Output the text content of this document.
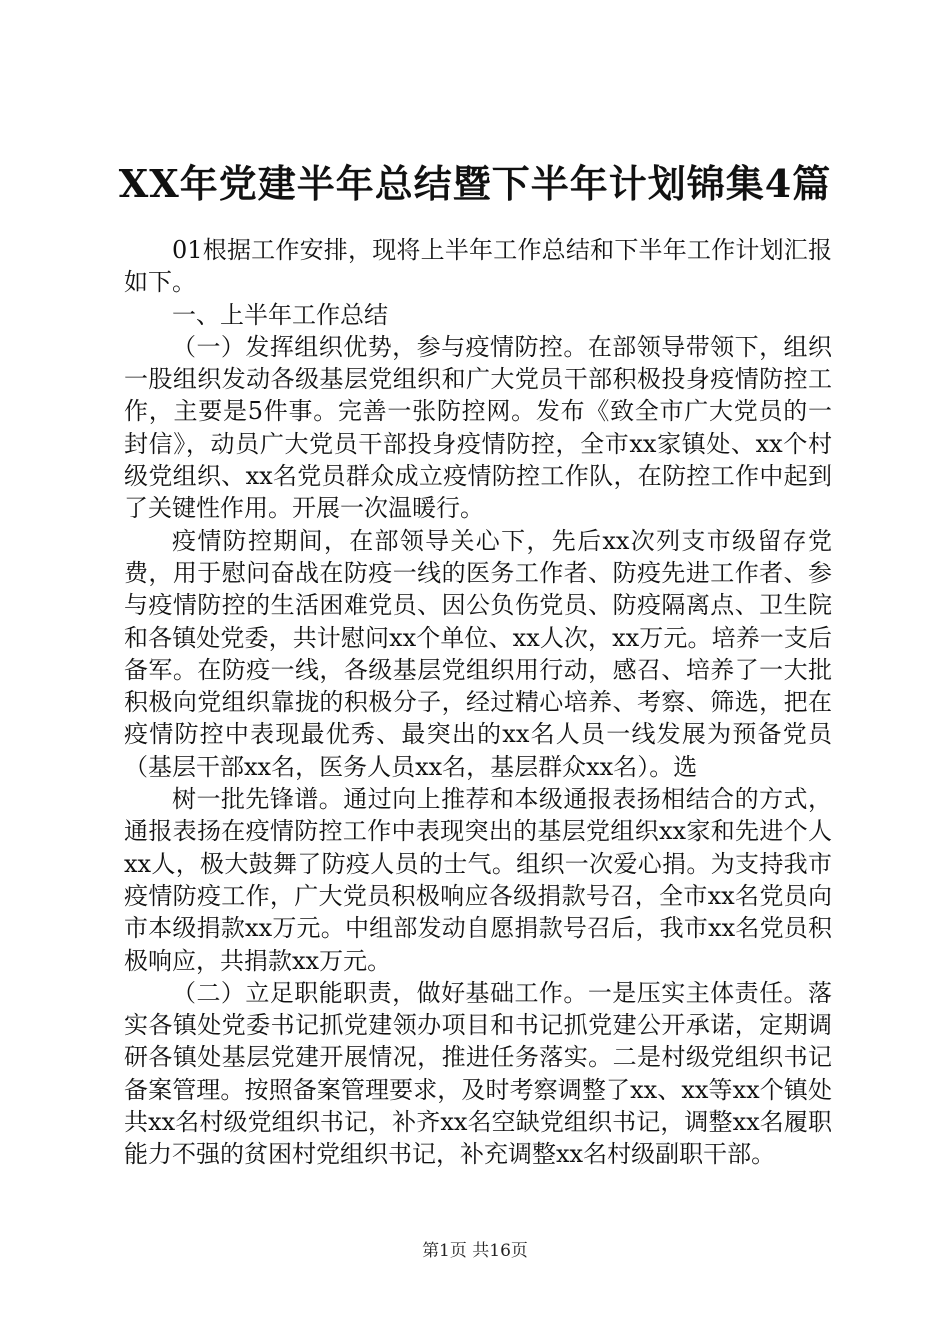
XX年党建半年总结暨下半年计划锦集4篇

01根据工作安排，现将上半年工作总结和下半年工作计划汇报如下。

一、上半年工作总结

（一）发挥组织优势，参与疫情防控。在部领导带领下，组织一股组织发动各级基层党组织和广大党员干部积极投身疫情防控工作，主要是5件事。完善一张防控网。发布《致全市广大党员的一封信》，动员广大党员干部投身疫情防控，全市xx家镇处、xx个村级党组织、xx名党员群众成立疫情防控工作队，在防控工作中起到了关键性作用。开展一次温暖行。

疫情防控期间，在部领导关心下，先后xx次列支市级留存党费，用于慰问奋战在防疫一线的医务工作者、防疫先进工作者、参与疫情防控的生活困难党员、因公负伤党员、防疫隔离点、卫生院和各镇处党委，共计慰问xx个单位、xx人次，xx万元。培养一支后备军。在防疫一线，各级基层党组织用行动，感召、培养了一大批积极向党组织靠拢的积极分子，经过精心培养、考察、筛选，把在疫情防控中表现最优秀、最突出的xx名人员一线发展为预备党员（基层干部xx名，医务人员xx名，基层群众xx名）。选

树一批先锋谱。通过向上推荐和本级通报表扬相结合的方式，通报表扬在疫情防控工作中表现突出的基层党组织xx家和先进个人xx人，极大鼓舞了防疫人员的士气。组织一次爱心捐。为支持我市疫情防疫工作，广大党员积极响应各级捐款号召，全市xx名党员向市本级捐款xx万元。中组部发动自愿捐款号召后，我市xx名党员积极响应，共捐款xx万元。

（二）立足职能职责，做好基础工作。一是压实主体责任。落实各镇处党委书记抓党建领办项目和书记抓党建公开承诺，定期调研各镇处基层党建开展情况，推进任务落实。二是村级党组织书记备案管理。按照备案管理要求，及时考察调整了xx、xx等xx个镇处共xx名村级党组织书记，补齐xx名空缺党组织书记，调整xx名履职能力不强的贫困村党组织书记，补充调整xx名村级副职干部。

第1页 共16页
